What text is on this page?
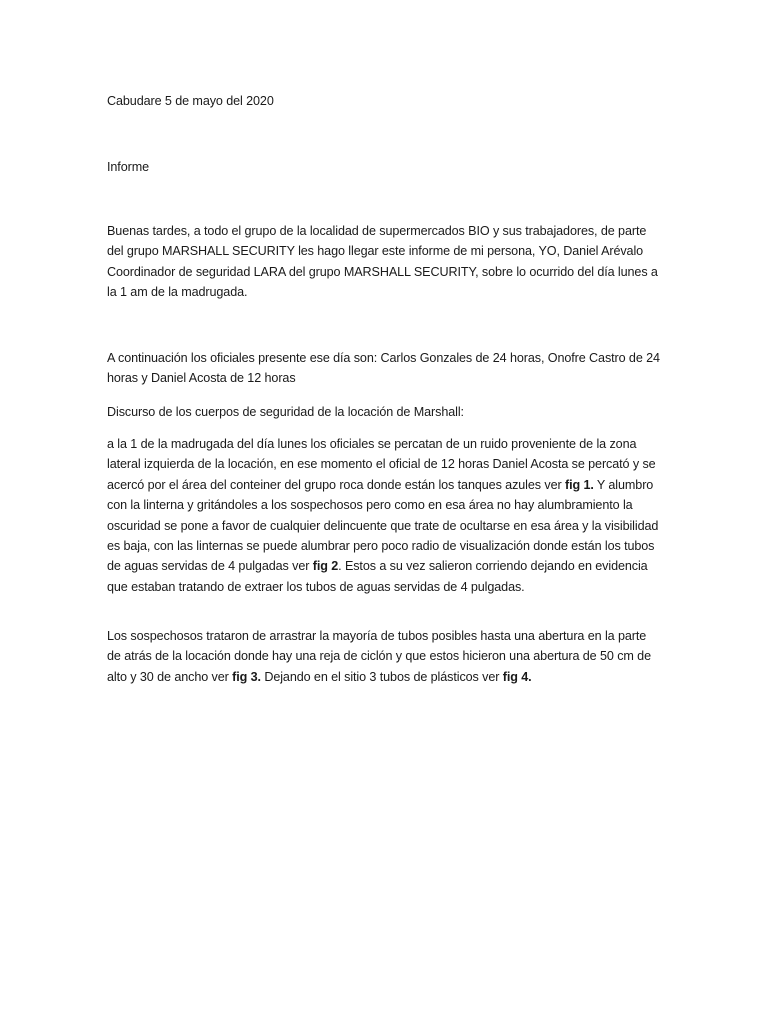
Cabudare 5 de mayo del 2020

Informe

Buenas tardes, a todo el grupo de la localidad de supermercados BIO y sus trabajadores, de parte del grupo MARSHALL SECURITY les hago llegar este informe de mi persona, YO, Daniel Arévalo Coordinador de seguridad LARA del grupo MARSHALL SECURITY, sobre lo ocurrido del día lunes a la 1 am de la madrugada.

A continuación los oficiales presente ese día son: Carlos Gonzales de 24 horas, Onofre Castro de 24 horas y Daniel Acosta de 12 horas

Discurso de los cuerpos de seguridad de la locación de Marshall:

a la 1 de la madrugada del día lunes los oficiales se percatan de un ruido proveniente de la zona lateral izquierda de la locación, en ese momento el oficial de 12 horas Daniel Acosta se percató y se acercó por el área del conteiner del grupo roca donde están los tanques azules ver fig 1. Y alumbro con la linterna y gritándoles a los sospechosos pero como en esa área no hay alumbramiento la oscuridad se pone a favor de cualquier delincuente que trate de ocultarse en esa área y la visibilidad es baja, con las linternas se puede alumbrar pero poco radio de visualización donde están los tubos de aguas servidas de 4 pulgadas ver fig 2. Estos a su vez salieron corriendo dejando en evidencia que estaban tratando de extraer los tubos de aguas servidas de 4 pulgadas.

Los sospechosos trataron de arrastrar la mayoría de tubos posibles hasta una abertura en la parte de atrás de la locación donde hay una reja de ciclón y que estos hicieron una abertura de 50 cm de alto y 30 de ancho ver fig 3. Dejando en el sitio 3 tubos de plásticos ver fig 4.
